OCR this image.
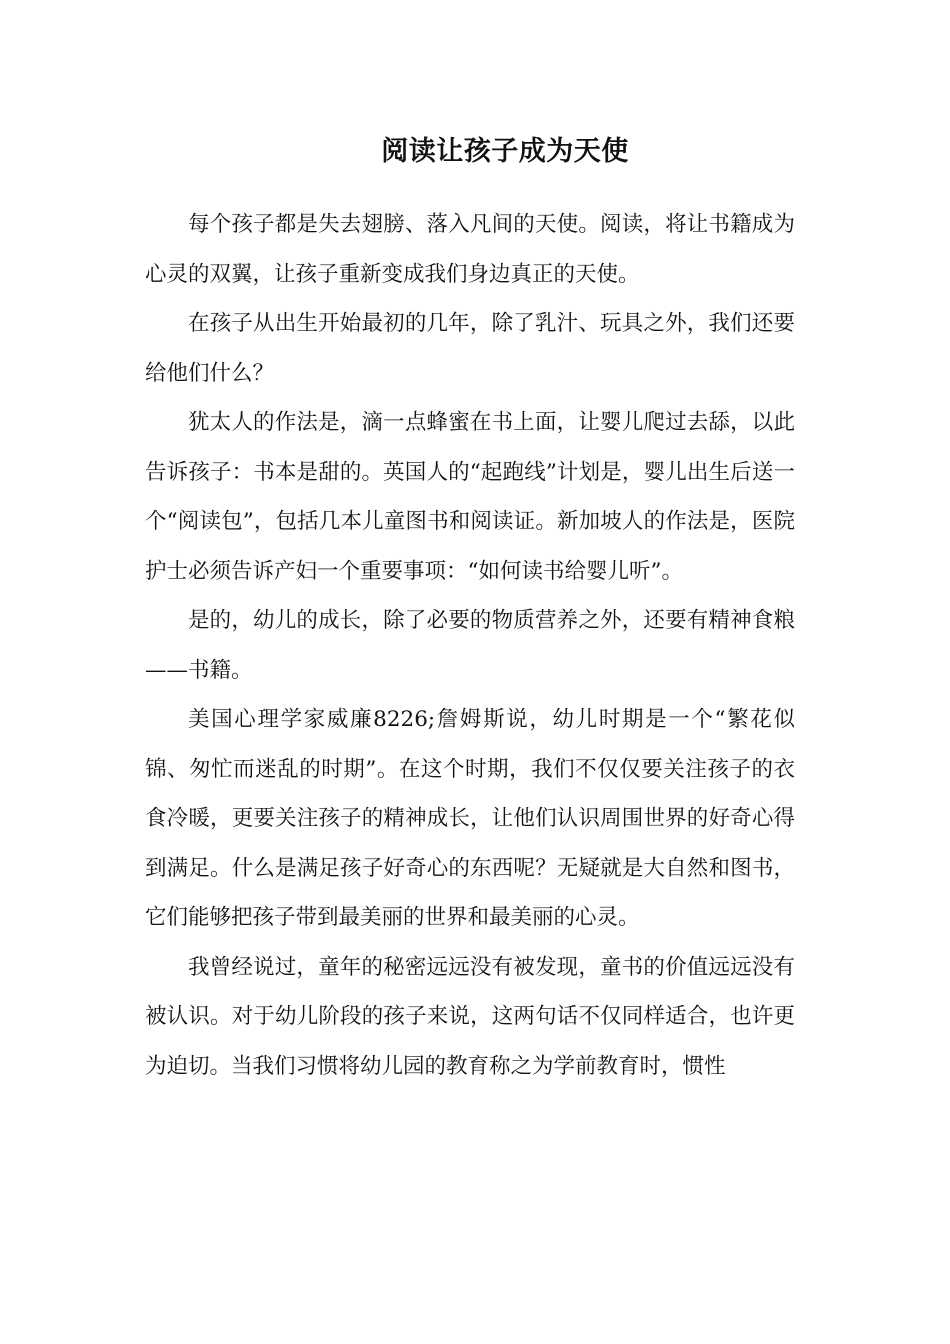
阅读让孩子成为天使

每个孩子都是失去翅膀、落入凡间的天使。阅读，将让书籍成为心灵的双翼，让孩子重新变成我们身边真正的天使。

在孩子从出生开始最初的几年，除了乳汁、玩具之外，我们还要给他们什么？

犹太人的作法是，滴一点蜂蜜在书上面，让婴儿爬过去舔，以此告诉孩子：书本是甜的。英国人的“起跑线”计划是，婴儿出生后送一个“阅读包”，包括几本儿童图书和阅读证。新加坡人的作法是，医院护士必须告诉产妇一个重要事项：“如何读书给婴儿听”。

是的，幼儿的成长，除了必要的物质营养之外，还要有精神食粮——书籍。

美国心理学家威廉8226;詹姆斯说，幼儿时期是一个“繁花似锦、匆忙而迷乱的时期”。在这个时期，我们不仅仅要关注孩子的衣食冷暖，更要关注孩子的精神成长，让他们认识周围世界的好奇心得到满足。什么是满足孩子好奇心的东西呢？无疑就是大自然和图书，它们能够把孩子带到最美丽的世界和最美丽的心灵。

我曾经说过，童年的秘密远远没有被发现，童书的价值远远没有被认识。对于幼儿阶段的孩子来说，这两句话不仅同样适合，也许更为迫切。当我们习惯将幼儿园的教育称之为学前教育时，惯性
